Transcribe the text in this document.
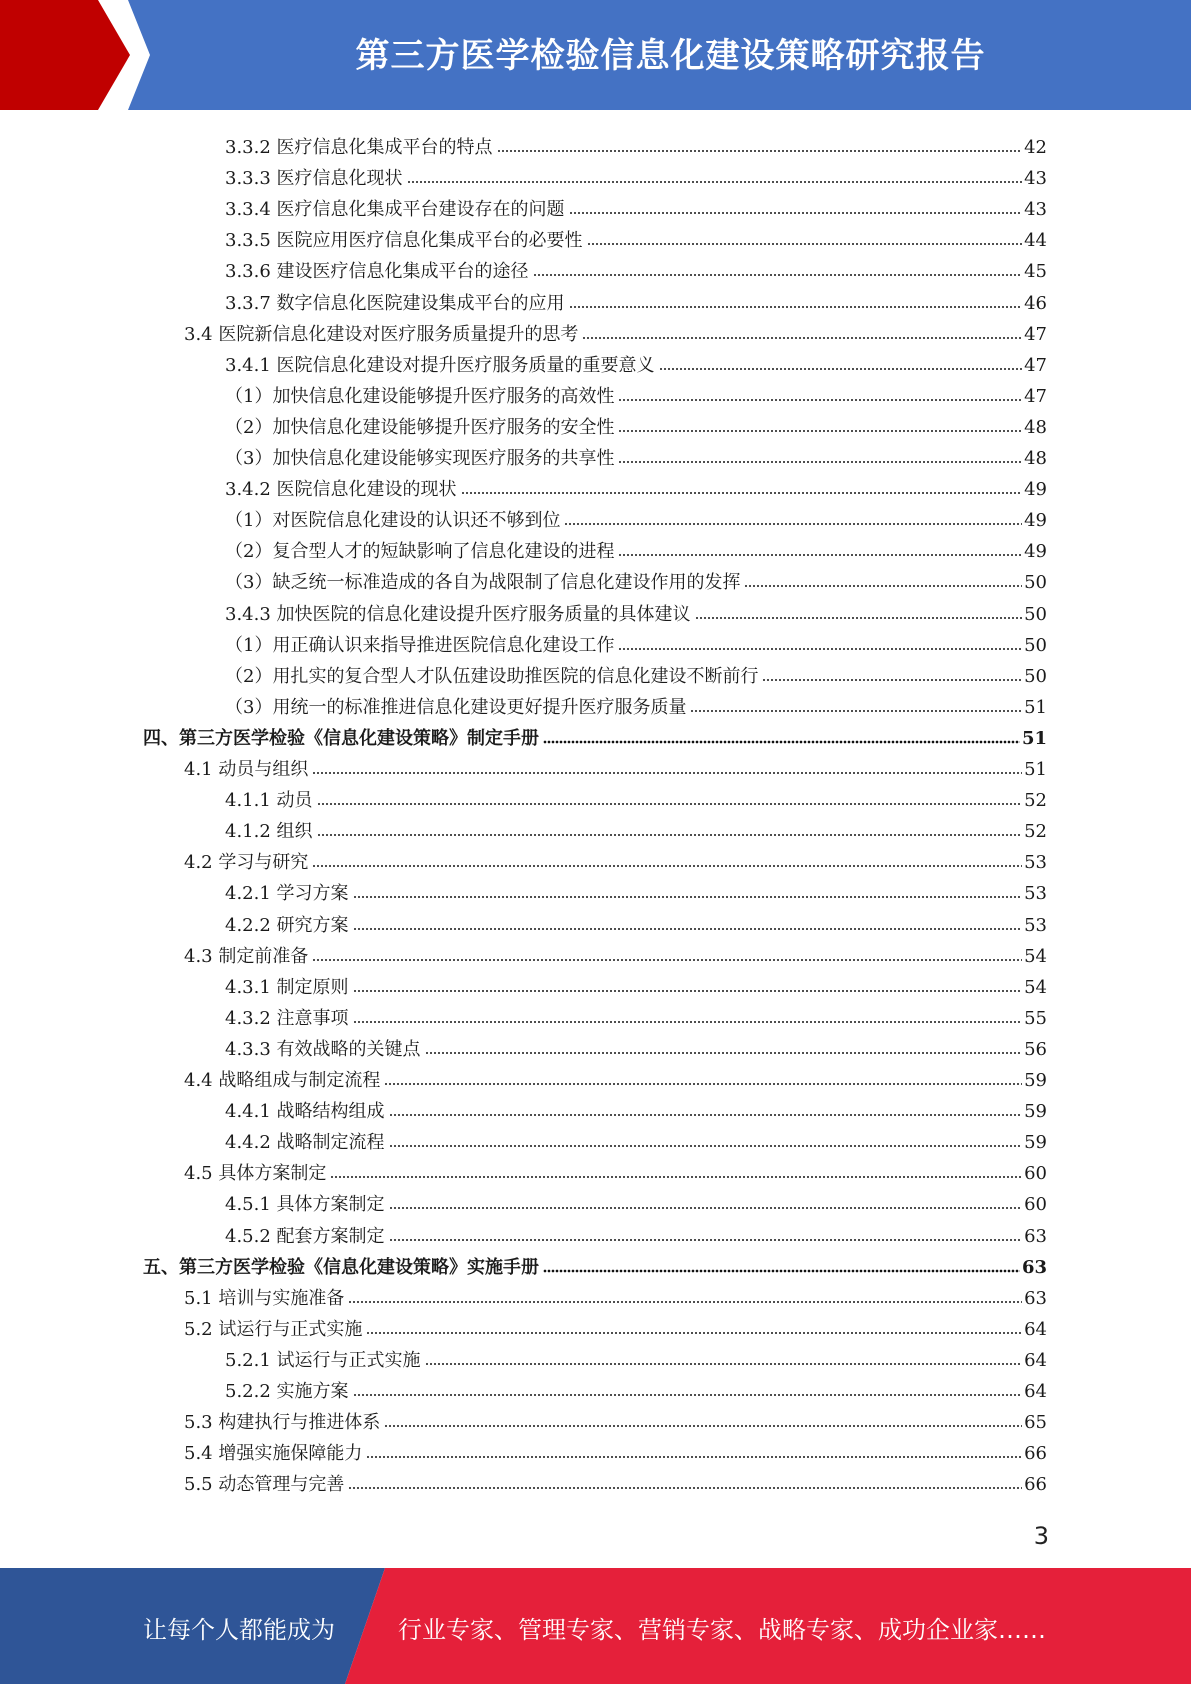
第三方医学检验信息化建设策略研究报告
3.3.2 医疗信息化集成平台的特点	42
3.3.3 医疗信息化现状	43
3.3.4 医疗信息化集成平台建设存在的问题	43
3.3.5 医院应用医疗信息化集成平台的必要性	44
3.3.6 建设医疗信息化集成平台的途径	45
3.3.7 数字信息化医院建设集成平台的应用	46
3.4 医院新信息化建设对医疗服务质量提升的思考	47
3.4.1 医院信息化建设对提升医疗服务质量的重要意义	47
（1）加快信息化建设能够提升医疗服务的高效性	47
（2）加快信息化建设能够提升医疗服务的安全性	48
（3）加快信息化建设能够实现医疗服务的共享性	48
3.4.2 医院信息化建设的现状	49
（1）对医院信息化建设的认识还不够到位	49
（2）复合型人才的短缺影响了信息化建设的进程	49
（3）缺乏统一标准造成的各自为战限制了信息化建设作用的发挥	50
3.4.3 加快医院的信息化建设提升医疗服务质量的具体建议	50
（1）用正确认识来指导推进医院信息化建设工作	50
（2）用扎实的复合型人才队伍建设助推医院的信息化建设不断前行	50
（3）用统一的标准推进信息化建设更好提升医疗服务质量	51
四、第三方医学检验《信息化建设策略》制定手册	51
4.1 动员与组织	51
4.1.1 动员	52
4.1.2 组织	52
4.2 学习与研究	53
4.2.1 学习方案	53
4.2.2 研究方案	53
4.3 制定前准备	54
4.3.1 制定原则	54
4.3.2 注意事项	55
4.3.3 有效战略的关键点	56
4.4 战略组成与制定流程	59
4.4.1 战略结构组成	59
4.4.2 战略制定流程	59
4.5 具体方案制定	60
4.5.1 具体方案制定	60
4.5.2 配套方案制定	63
五、第三方医学检验《信息化建设策略》实施手册	63
5.1 培训与实施准备	63
5.2 试运行与正式实施	64
5.2.1 试运行与正式实施	64
5.2.2 实施方案	64
5.3 构建执行与推进体系	65
5.4 增强实施保障能力	66
5.5 动态管理与完善	66
3
让每个人都能成为	行业专家、管理专家、营销专家、战略专家、成功企业家……
